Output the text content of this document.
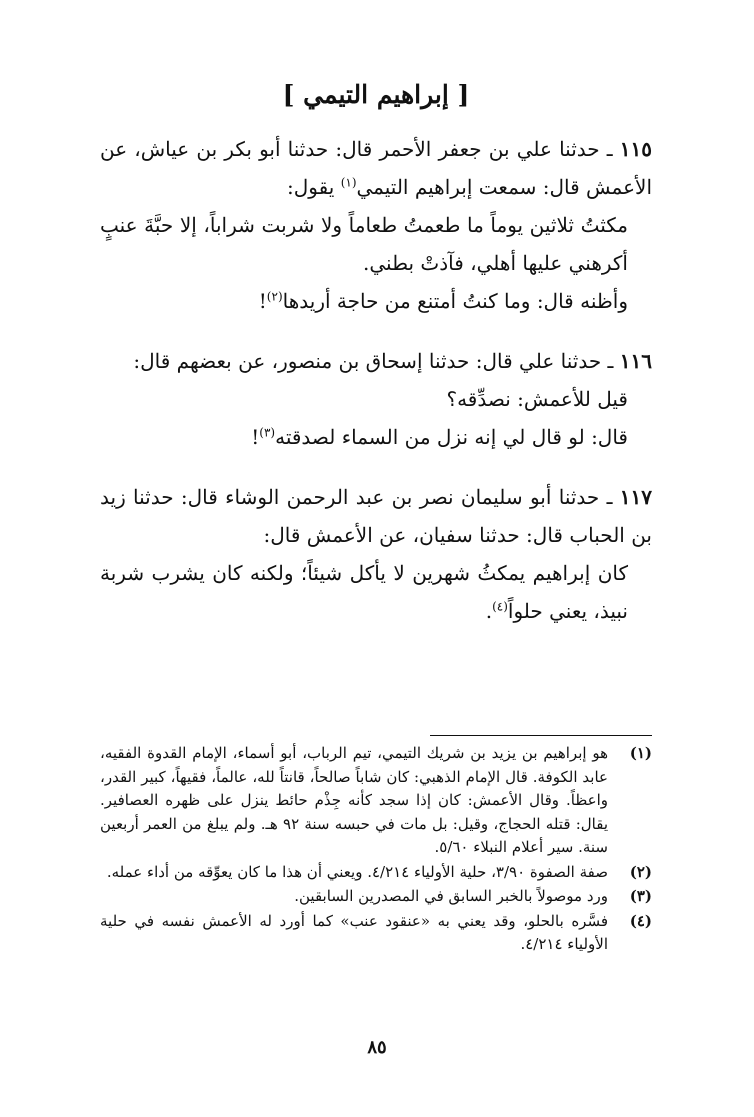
[ إبراهيم التيمي ]

١١٥ ـ حدثنا علي بن جعفر الأحمر قال: حدثنا أبو بكر بن عياش، عن الأعمش قال: سمعت إبراهيم التيمي$^{(١)}$ يقول:

مكثتُ ثلاثين يوماً ما طعمتُ طعاماً ولا شربت شراباً، إلا حبَّةَ عنبٍ أكرهني عليها أهلي، فآذتْ بطني.

وأظنه قال: وما كنتُ أمتنع من حاجة أريدها$^{(٢)}$!

١١٦ ـ حدثنا علي قال: حدثنا إسحاق بن منصور، عن بعضهم قال:

قيل للأعمش: نصدِّقه؟

قال: لو قال لي إنه نزل من السماء لصدقته$^{(٣)}$!

١١٧ ـ حدثنا أبو سليمان نصر بن عبد الرحمن الوشاء قال: حدثنا زيد بن الحباب قال: حدثنا سفيان، عن الأعمش قال:

كان إبراهيم يمكثُ شهرين لا يأكل شيئاً؛ ولكنه كان يشرب شربة نبيذ، يعني حلواً$^{(٤)}$.

(١)
هو إبراهيم بن يزيد بن شريك التيمي، تيم الرباب، أبو أسماء، الإمام القدوة الفقيه، عابد الكوفة. قال الإمام الذهبي: كان شاباً صالحاً، قانتاً لله، عالماً، فقيهاً، كبير القدر، واعظاً. وقال الأعمش: كان إذا سجد كأنه جِذْم حائط ينزل على ظهره العصافير. يقال: قتله الحجاج، وقيل: بل مات في حبسه سنة ٩٢ هـ. ولم يبلغ من العمر أربعين سنة. سير أعلام النبلاء ٥/٦٠.
(٢)
صفة الصفوة ٣/٩٠، حلية الأولياء ٤/٢١٤. ويعني أن هذا ما كان يعوِّقه من أداء عمله.
(٣)
ورد موصولاً بالخبر السابق في المصدرين السابقين.
(٤)
فسَّره بالحلو، وقد يعني به «عنقود عنب» كما أورد له الأعمش نفسه في حلية الأولياء ٤/٢١٤.
٨٥
